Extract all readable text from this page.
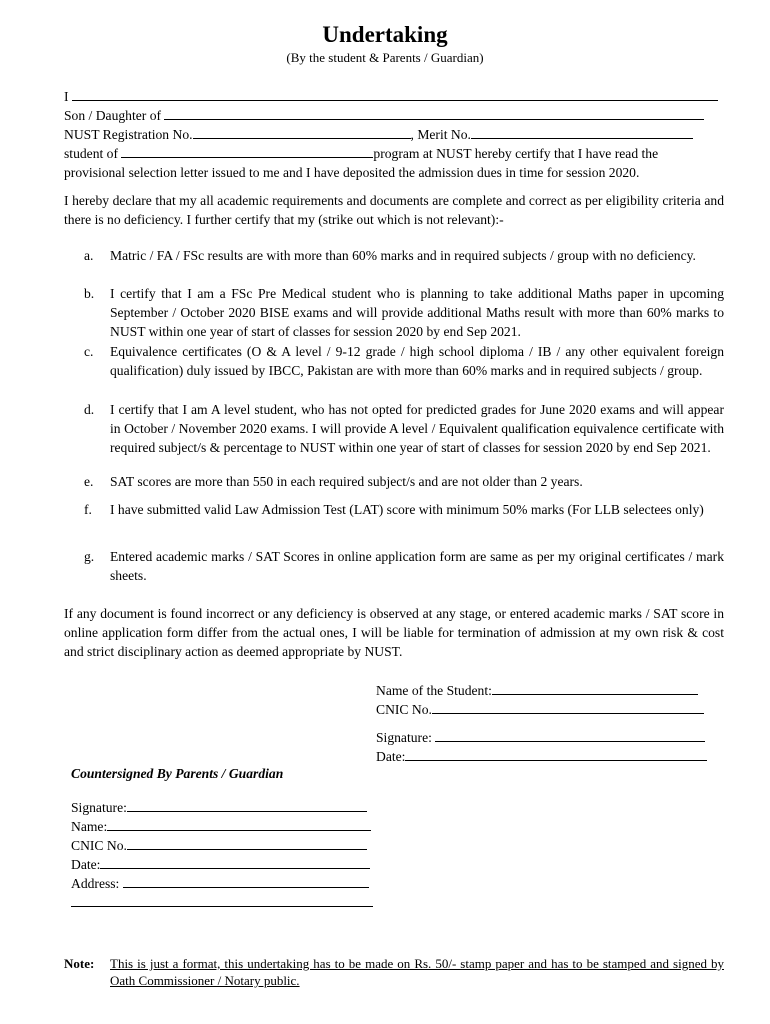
Undertaking
(By the student & Parents / Guardian)
I
Son / Daughter of
NUST Registration No.	, Merit No.
student of	program at NUST hereby certify that I have read the
provisional selection letter issued to me and I have deposited the admission dues in time for session 2020.
I hereby declare that my all academic requirements and documents are complete and correct as per eligibility criteria and there is no deficiency. I further certify that my (strike out which is not relevant):-
a.	Matric / FA / FSc results are with more than 60% marks and in required subjects / group with no deficiency.
b.	I certify that I am a FSc Pre Medical student who is planning to take additional Maths paper in upcoming September / October 2020 BISE exams and will provide additional Maths result with more than 60% marks to NUST within one year of start of classes for session 2020 by end Sep 2021.
c.	Equivalence certificates (O & A level / 9-12 grade / high school diploma / IB / any other equivalent foreign qualification) duly issued by IBCC, Pakistan are with more than 60% marks and in required subjects / group.
d.	I certify that I am A level student, who has not opted for predicted grades for June 2020 exams and will appear in October / November 2020 exams. I will provide A level / Equivalent qualification equivalence certificate with required subject/s & percentage to NUST within one year of start of classes for session 2020 by end Sep 2021.
e.	SAT scores are more than 550 in each required subject/s and are not older than 2 years.
f.	I have submitted valid Law Admission Test (LAT) score with minimum 50% marks (For LLB selectees only)
g.	Entered academic marks / SAT Scores in online application form are same as per my original certificates / mark sheets.
If any document is found incorrect or any deficiency is observed at any stage, or entered academic marks / SAT score in online application form differ from the actual ones, I will be liable for termination of admission at my own risk & cost and strict disciplinary action as deemed appropriate by NUST.
Name of the Student:
CNIC No.
Signature:
Date:
Countersigned By Parents / Guardian
Signature:
Name:
CNIC No.
Date:
Address:
Note: This is just a format, this undertaking has to be made on Rs. 50/- stamp paper and has to be stamped and signed by Oath Commissioner / Notary public.
